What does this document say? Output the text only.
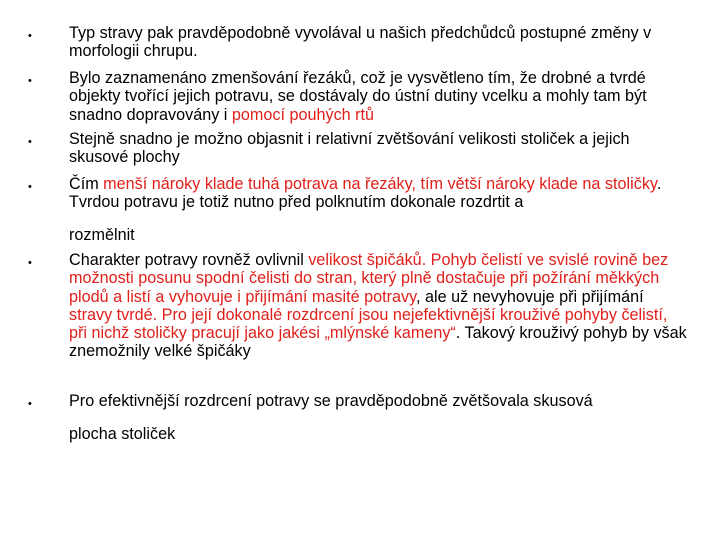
• Typ stravy pak pravděpodobně vyvolával u našich předchůdců postupné změny v morfologii chrupu.
• Bylo zaznamenáno zmenšování řezáků, což je vysvětleno tím, že drobné a tvrdé objekty tvořící jejich potravu, se dostávaly do ústní dutiny vcelku a mohly tam být snadno dopravovány i pomocí pouhých rtů
• Stejně snadno je možno objasnit i relativní zvětšování velikosti stoliček a jejich skusové plochy
• Čím menší nároky klade tuhá potrava na řezáky, tím větší nároky klade na stoličky. Tvrdou potravu je totiž nutno před polknutím dokonale rozdrtit a
rozmělnit
• Charakter potravy rovněž ovlivnil velikost špičáků. Pohyb čelistí ve svislé rovině bez možnosti posunu spodní čelisti do stran, který plně dostačuje při požírání měkkých plodů a listí a vyhovuje i přijímání masité potravy, ale už nevyhovuje při přijímání stravy tvrdé. Pro její dokonalé rozdrcení jsou nejefektivnější krouživé pohyby čelistí, při nichž stoličky pracují jako jakési „mlýnské kameny“. Takový krouživý pohyb by však znemožnily velké špičáky
• Pro efektivnější rozdrcení potravy se pravděpodobně zvětšovala skusová
plocha stoliček
